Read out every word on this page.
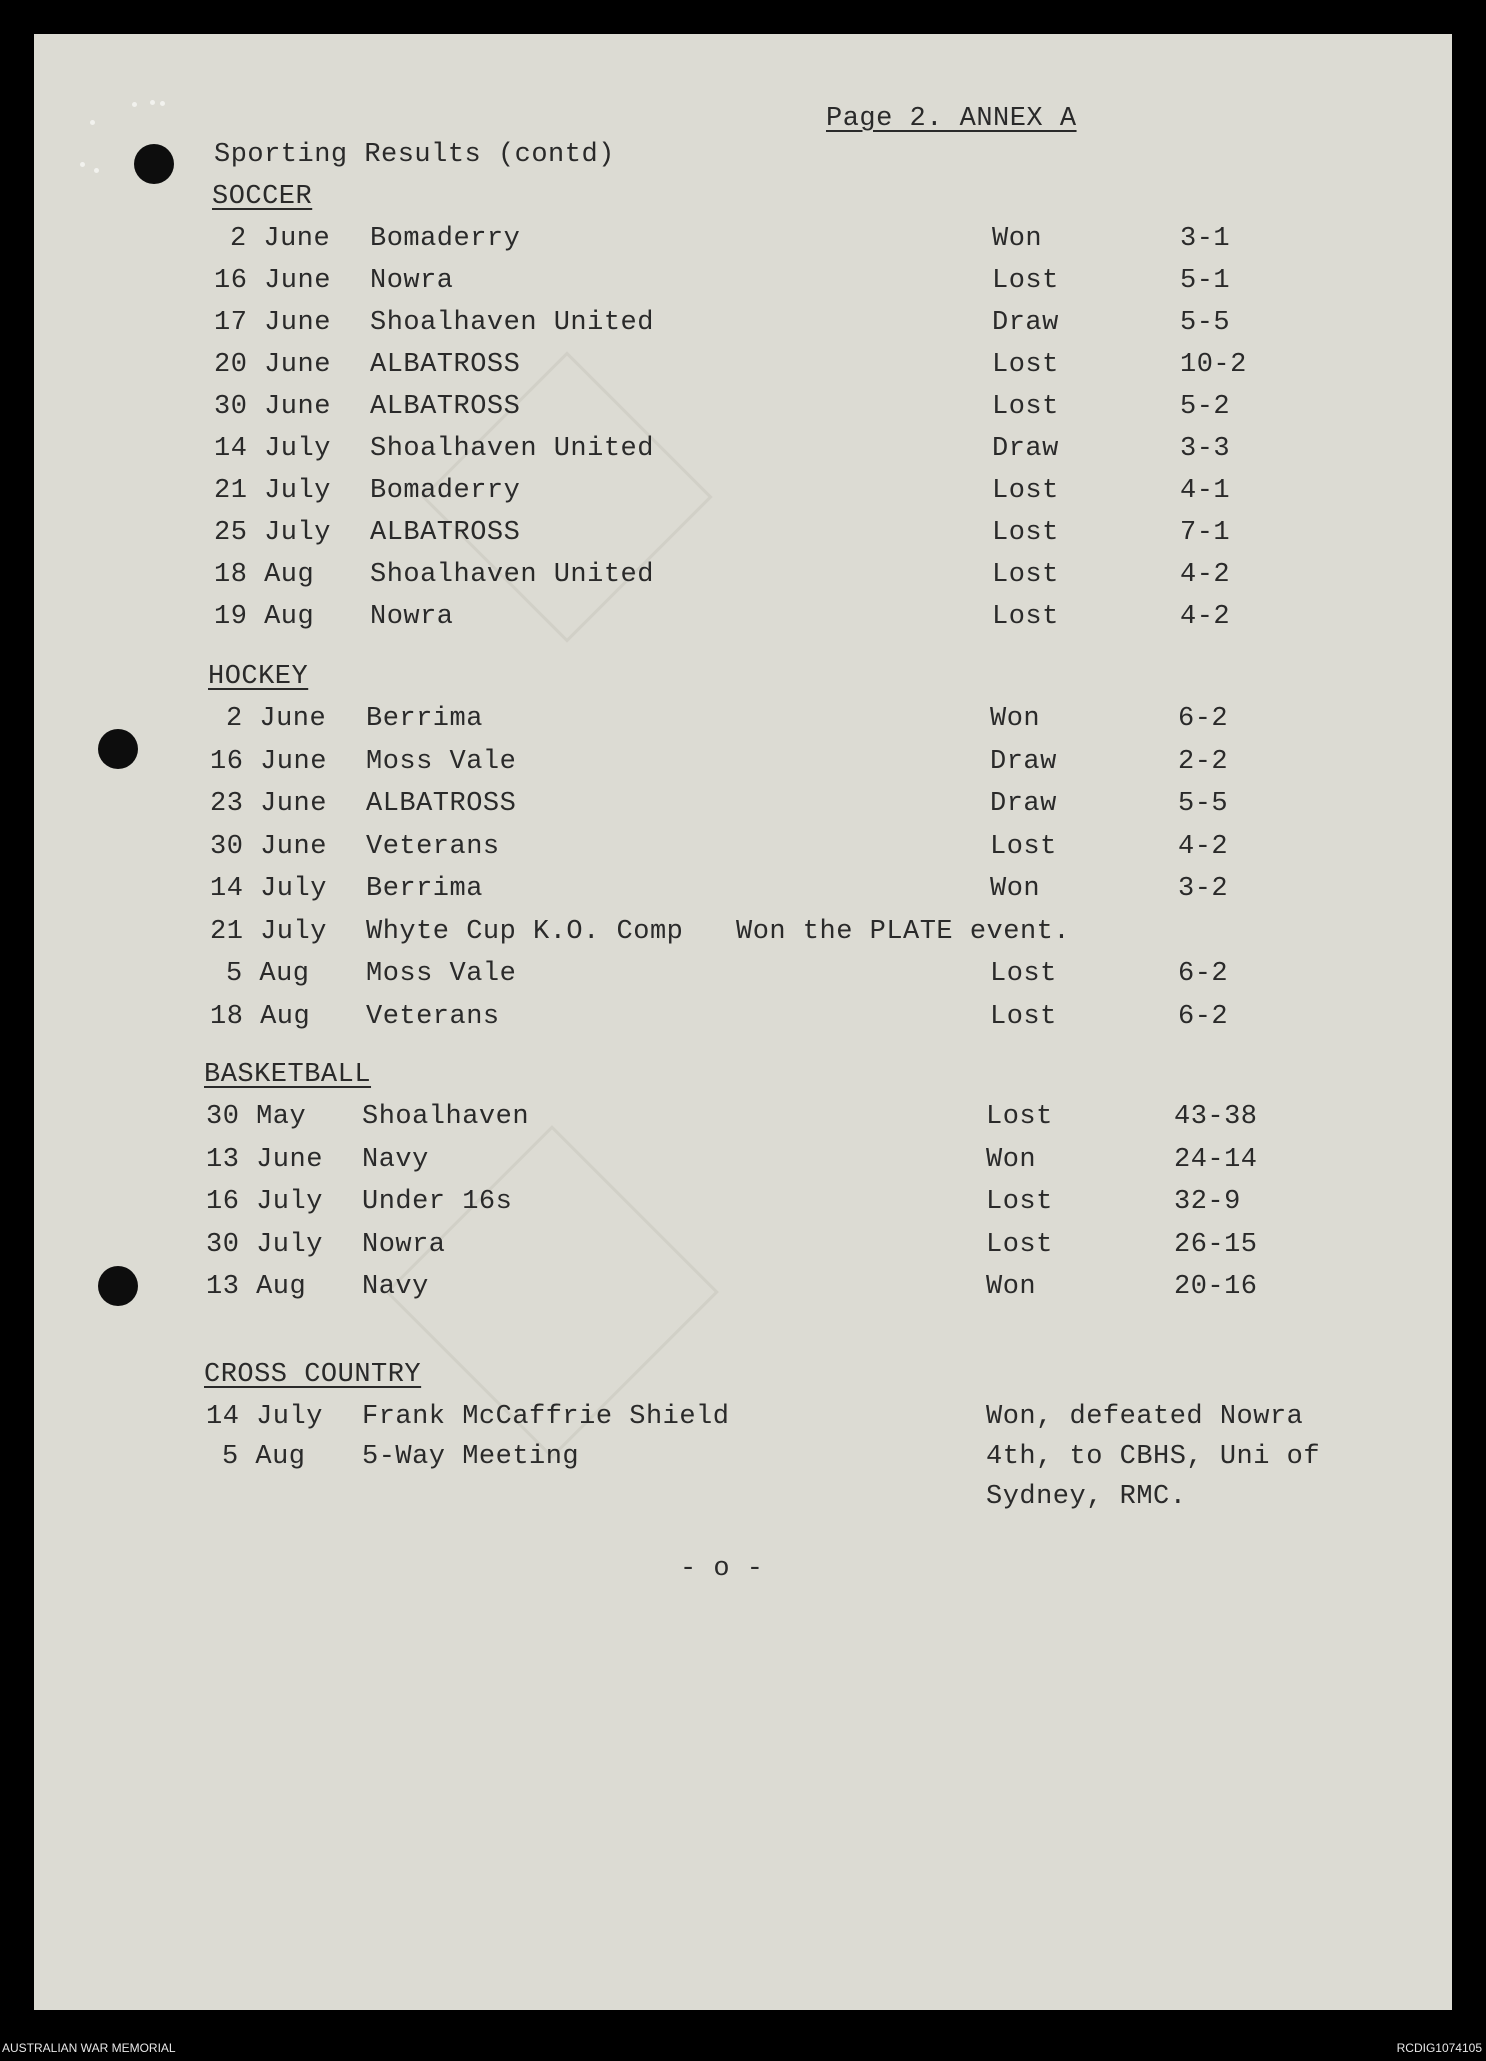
Page 2. ANNEX A
Sporting Results (contd)
SOCCER
HOCKEY
BASKETBALL
CROSS COUNTRY
2 June Bomaderry	Won	3-1
16 June Nowra	Lost	5-1
17 June Shoalhaven United	Draw	5-5
20 June ALBATROSS	Lost	10-2
30 June ALBATROSS	Lost	5-2
14 July Shoalhaven United	Draw	3-3
21 July Bomaderry	Lost	4-1
25 July ALBATROSS	Lost	7-1
18 Aug Shoalhaven United	Lost	4-2
19 Aug Nowra	Lost	4-2
2 June Berrima	Won	6-2
16 June Moss Vale	Draw	2-2
23 June ALBATROSS	Draw	5-5
30 June Veterans	Lost	4-2
14 July Berrima	Won	3-2
21 July Whyte Cup K.O. Comp Won the PLATE event.
5 Aug Moss Vale	Lost	6-2
18 Aug Veterans	Lost	6-2
30 May Shoalhaven	Lost	43-38
13 June Navy	Won	24-14
16 July Under 16s	Lost	32-9
30 July Nowra	Lost	26-15
13 Aug Navy	Won	20-16
14 July Frank McCaffrie Shield	Won, defeated Nowra
5 Aug 5-Way Meeting	4th, to CBHS, Uni of
Sydney, RMC.
- o -
AUSTRALIAN WAR MEMORIAL	RCDIG1074105
